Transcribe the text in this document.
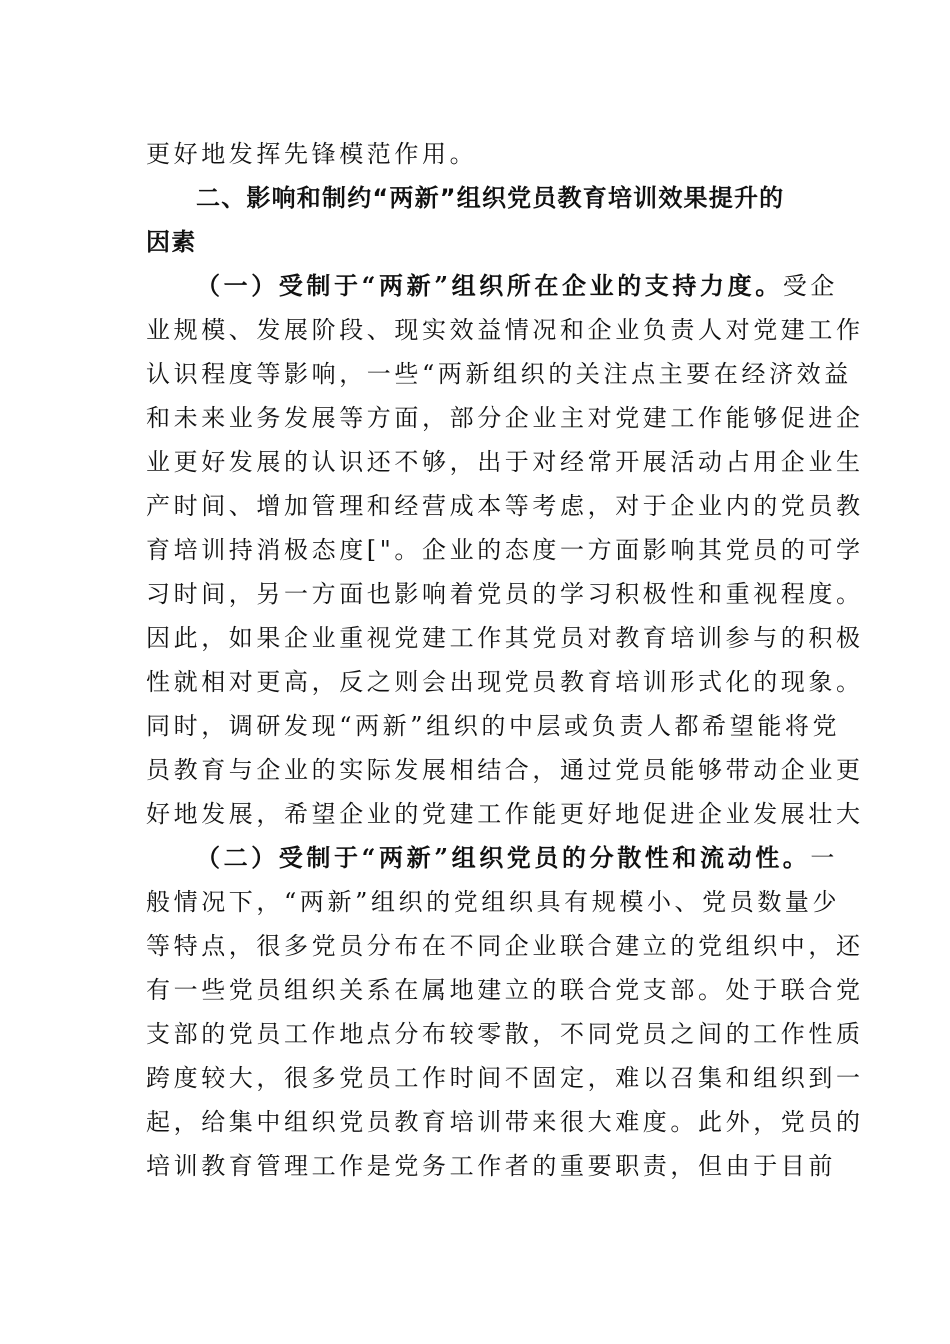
更好地发挥先锋模范作用。
二、影响和制约“两新”组织党员教育培训效果提升的
因素
（一）受制于“两新”组织所在企业的支持力度。受企
业规模、发展阶段、现实效益情况和企业负责人对党建工作
认识程度等影响，一些“两新组织的关注点主要在经济效益
和未来业务发展等方面，部分企业主对党建工作能够促进企
业更好发展的认识还不够，出于对经常开展活动占用企业生
产时间、增加管理和经营成本等考虑，对于企业内的党员教
育培训持消极态度["。企业的态度一方面影响其党员的可学
习时间，另一方面也影响着党员的学习积极性和重视程度。
因此，如果企业重视党建工作其党员对教育培训参与的积极
性就相对更高，反之则会出现党员教育培训形式化的现象。
同时，调研发现“两新”组织的中层或负责人都希望能将党
员教育与企业的实际发展相结合，通过党员能够带动企业更
好地发展，希望企业的党建工作能更好地促进企业发展壮大
（二）受制于“两新”组织党员的分散性和流动性。一
般情况下，“两新”组织的党组织具有规模小、党员数量少
等特点，很多党员分布在不同企业联合建立的党组织中，还
有一些党员组织关系在属地建立的联合党支部。处于联合党
支部的党员工作地点分布较零散，不同党员之间的工作性质
跨度较大，很多党员工作时间不固定，难以召集和组织到一
起，给集中组织党员教育培训带来很大难度。此外，党员的
培训教育管理工作是党务工作者的重要职责，但由于目前
